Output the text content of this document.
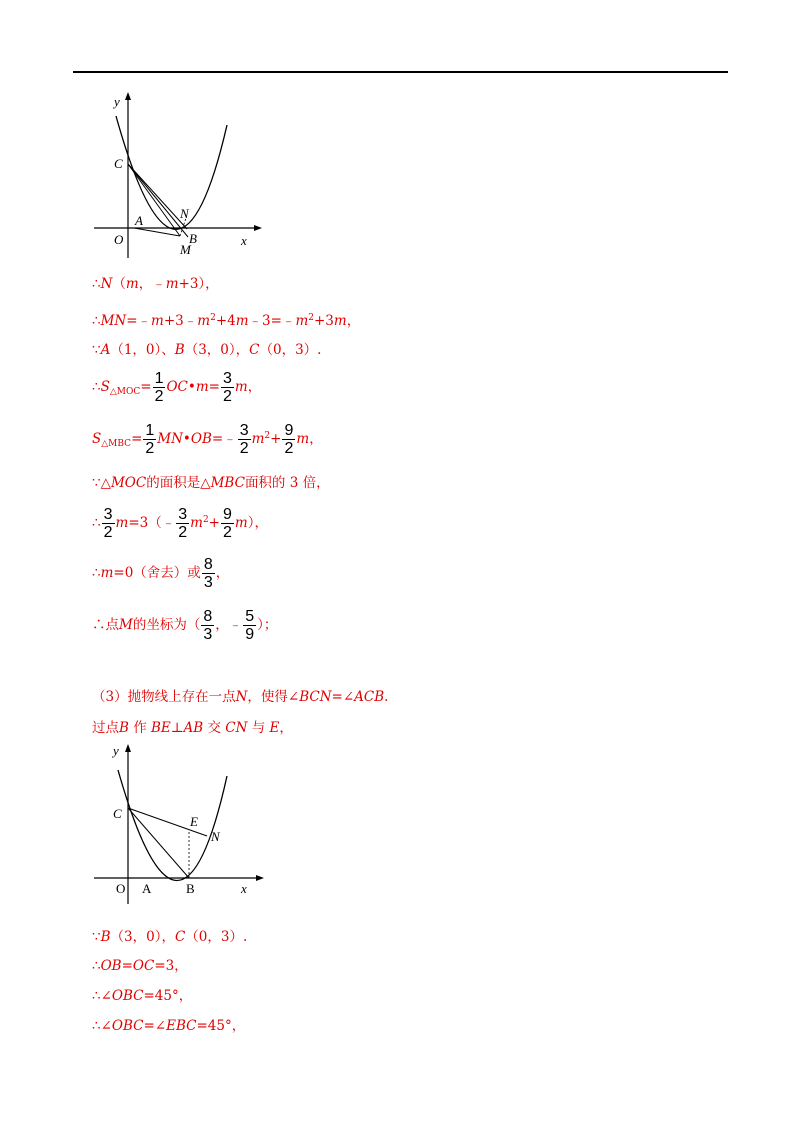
y
x
O
C
A
B
N
M
∴N（m，﹣m+3），
$\therefore MN=﹣m+3﹣m^2+4m﹣3=﹣m^2+3m$，
∵A（1，0）、B（3，0），C（0，3）.
$\therefore S_{\triangle MOC}= \frac{1}{2}$ OC•m= $\frac{3}{2}$ m，
$S_{\triangle MBC}= \frac{1}{2}$ MN•OB=﹣ $\frac{3}{2} m^2+ \frac{9}{2}$ m，
∵△MOC的面积是△MBC面积的 3 倍，
∴ $\frac{3}{2}$ m=3（﹣ $\frac{3}{2} m^2+ \frac{9}{2} m$），
∴m=0（舍去）或 $\frac{8}{3}$ ，
∴点M的坐标为（ $\frac{8}{3}$ ，﹣ $\frac{5}{9}$ ）；
（3）抛物线上存在一点N，使得∠BCN=∠ACB.
过点B 作 BE⊥AB 交 CN 与 E，
y
x
O
C
A	B
E
N
∵B（3，0），C（0，3）.
∴OB=OC=3，
∴∠OBC=45°，
∴∠OBC=∠EBC=45°，
